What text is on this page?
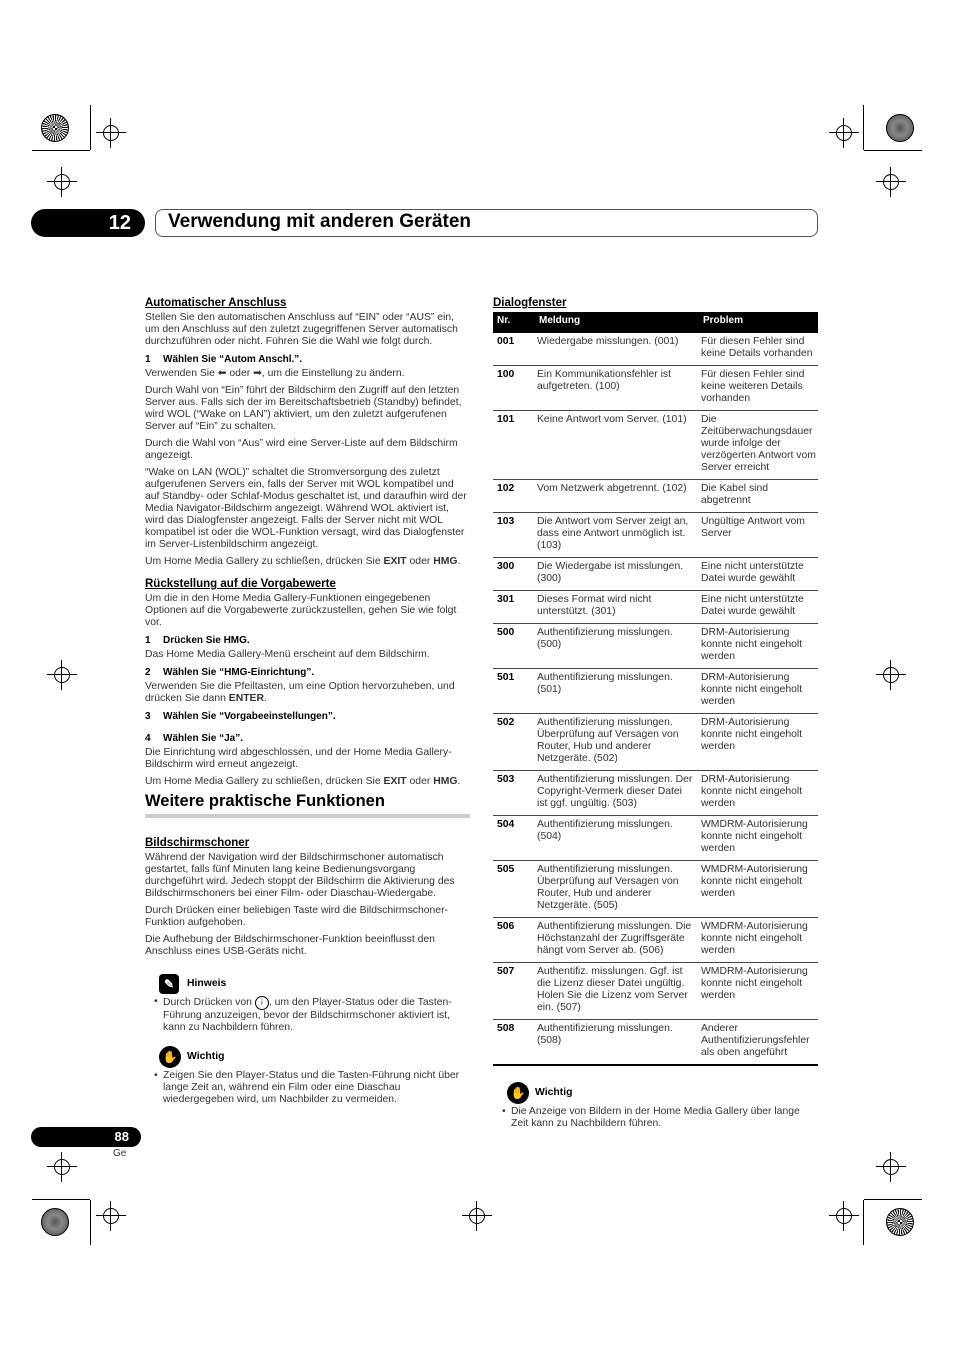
12	Verwendung mit anderen Geräten
Automatischer Anschluss

Stellen Sie den automatischen Anschluss auf “EIN” oder “AUS” ein, um den Anschluss auf den zuletzt zugegriffenen Server automatisch durchzuführen oder nicht. Führen Sie die Wahl wie folgt durch.

1 Wählen Sie “Autom Anschl.”.

Verwenden Sie ⬅ oder ➡, um die Einstellung zu ändern.

Durch Wahl von “Ein” führt der Bildschirm den Zugriff auf den letzten Server aus. Falls sich der im Bereitschaftsbetrieb (Standby) befindet, wird WOL (“Wake on LAN”) aktiviert, um den zuletzt aufgerufenen Server auf “Ein” zu schalten.

Durch die Wahl von “Aus” wird eine Server-Liste auf dem Bildschirm angezeigt.

“Wake on LAN (WOL)” schaltet die Stromversorgung des zuletzt aufgerufenen Servers ein, falls der Server mit WOL kompatibel und auf Standby- oder Schlaf-Modus geschaltet ist, und daraufhin wird der Media Navigator-Bildschirm angezeigt. Während WOL aktiviert ist, wird das Dialogfenster angezeigt. Falls der Server nicht mit WOL kompatibel ist oder die WOL-Funktion versagt, wird das Dialogfenster im Server-Listenbildschirm angezeigt.

Um Home Media Gallery zu schließen, drücken Sie EXIT oder HMG.

Rückstellung auf die Vorgabewerte

Um die in den Home Media Gallery-Funktionen eingegebenen Optionen auf die Vorgabewerte zurückzustellen, gehen Sie wie folgt vor.

1 Drücken Sie HMG.

Das Home Media Gallery-Menü erscheint auf dem Bildschirm.

2 Wählen Sie “HMG-Einrichtung”.

Verwenden Sie die Pfeiltasten, um eine Option hervorzuheben, und drücken Sie dann ENTER.

3 Wählen Sie “Vorgabeeinstellungen”.
4 Wählen Sie “Ja”.

Die Einrichtung wird abgeschlossen, und der Home Media Gallery-Bildschirm wird erneut angezeigt.

Um Home Media Gallery zu schließen, drücken Sie EXIT oder HMG.

Weitere praktische Funktionen
Bildschirmschoner

Während der Navigation wird der Bildschirmschoner automatisch gestartet, falls fünf Minuten lang keine Bedienungsvorgang durchgeführt wird. Jedech stoppt der Bildschirm die Aktivierung des Bildschirmschoners bei einer Film- oder Diaschau-Wiedergabe.

Durch Drücken einer beliebigen Taste wird die Bildschirmschoner-Funktion aufgehoben.

Die Aufhebung der Bildschirmschoner-Funktion beeinflusst den Anschluss eines USB-Geräts nicht.

✎	Hinweis

• Durch Drücken von i , um den Player-Status oder die Tasten-Führung anzuzeigen, bevor der Bildschirmschoner aktiviert ist, kann zu Nachbildern führen.

✋ Wichtig

• Zeigen Sie den Player-Status und die Tasten-Führung nicht über lange Zeit an, während ein Film oder eine Diaschau wiedergegeben wird, um Nachbilder zu vermeiden.

Dialogfenster
Nr.	Meldung	Problem
001	Wiedergabe misslungen. (001)	Für diesen Fehler sind keine Details vorhanden
100	Ein Kommunikationsfehler ist aufgetreten. (100)	Für diesen Fehler sind keine weiteren Details vorhanden
101	Keine Antwort vom Server. (101)	Die Zeitüberwachungsdauer wurde infolge der verzögerten Antwort vom Server erreicht
102	Vom Netzwerk abgetrennt. (102)	Die Kabel sind abgetrennt
103	Die Antwort vom Server zeigt an, dass eine Antwort unmöglich ist. (103)	Ungültige Antwort vom Server
300	Die Wiedergabe ist misslungen. (300)	Eine nicht unterstützte Datei wurde gewählt
301	Dieses Format wird nicht unterstützt. (301)	Eine nicht unterstützte Datei wurde gewählt
500	Authentifizierung misslungen. (500)	DRM-Autorisierung konnte nicht eingeholt werden
501	Authentifizierung misslungen. (501)	DRM-Autorisierung konnte nicht eingeholt werden
502	Authentifizierung misslungen. Überprüfung auf Versagen von Router, Hub und anderer Netzgeräte. (502)	DRM-Autorisierung konnte nicht eingeholt werden
503	Authentifizierung misslungen. Der Copyright-Vermerk dieser Datei ist ggf. ungültig. (503)	DRM-Autorisierung konnte nicht eingeholt werden
504	Authentifizierung misslungen. (504)	WMDRM-Autorisierung konnte nicht eingeholt werden
505	Authentifizierung misslungen. Überprüfung auf Versagen von Router, Hub und anderer Netzgeräte. (505)	WMDRM-Autorisierung konnte nicht eingeholt werden
506	Authentifizierung misslungen. Die Höchstanzahl der Zugriffsgeräte hängt vom Server ab. (506)	WMDRM-Autorisierung konnte nicht eingeholt werden
507	Authentifiz. misslungen. Ggf. ist die Lizenz dieser Datei ungültig. Holen Sie die Lizenz vom Server ein. (507)	WMDRM-Autorisierung konnte nicht eingeholt werden
508	Authentifizierung misslungen. (508)	Anderer Authentifizierungsfehler als oben angeführt
✋ Wichtig

• Die Anzeige von Bildern in der Home Media Gallery über lange Zeit kann zu Nachbildern führen.

88
Ge
